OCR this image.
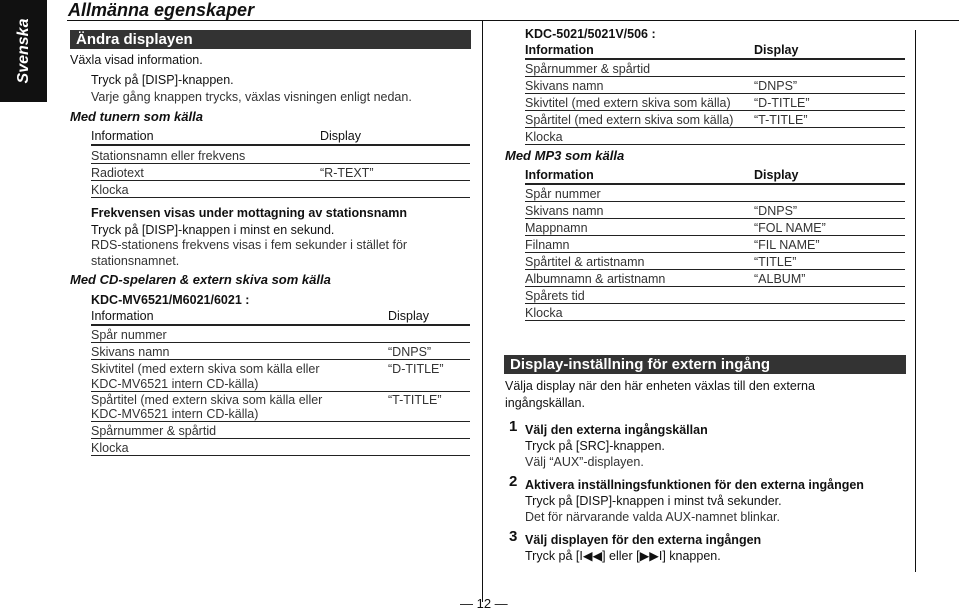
Svenska
Allmänna egenskaper
Ändra displayen
Växla visad information.
Tryck på [DISP]-knappen.
Varje gång knappen trycks, växlas visningen enligt nedan.
Med tunern som källa
Information	Display
Stationsnamn eller frekvens
Radiotext	“R-TEXT”
Klocka
Frekvensen visas under mottagning av stationsnamn
Tryck på [DISP]-knappen i minst en sekund.
RDS-stationens frekvens visas i fem sekunder i stället för
stationsnamnet.
Med CD-spelaren & extern skiva som källa
KDC-MV6521/M6021/6021 :
Information	Display
Spår nummer
Skivans namn	“DNPS”
Skivtitel (med extern skiva som källa eller	“D-TITLE”
KDC-MV6521 intern CD-källa)
Spårtitel (med extern skiva som källa eller	“T-TITLE”
KDC-MV6521 intern CD-källa)
Spårnummer & spårtid
Klocka
KDC-5021/5021V/506 :
Information	Display
Spårnummer & spårtid
Skivans namn	“DNPS”
Skivtitel (med extern skiva som källa) “D-TITLE”
Spårtitel (med extern skiva som källa) “T-TITLE”
Klocka
Med MP3 som källa
Information	Display
Spår nummer
Skivans namn	“DNPS”
Mappnamn	“FOL NAME”
Filnamn	“FIL NAME”
Spårtitel & artistnamn	“TITLE”
Albumnamn & artistnamn	“ALBUM”
Spårets tid
Klocka
Display-inställning för extern ingång
Välja display när den här enheten växlas till den externa
ingångskällan.
1 Välj den externa ingångskällan
Tryck på [SRC]-knappen.
Välj “AUX”-displayen.
2 Aktivera inställningsfunktionen för den externa ingången
Tryck på [DISP]-knappen i minst två sekunder.
Det för närvarande valda AUX-namnet blinkar.
3 Välj displayen för den externa ingången
Tryck på [I◀◀] eller [▶▶I] knappen.
— 12 —
